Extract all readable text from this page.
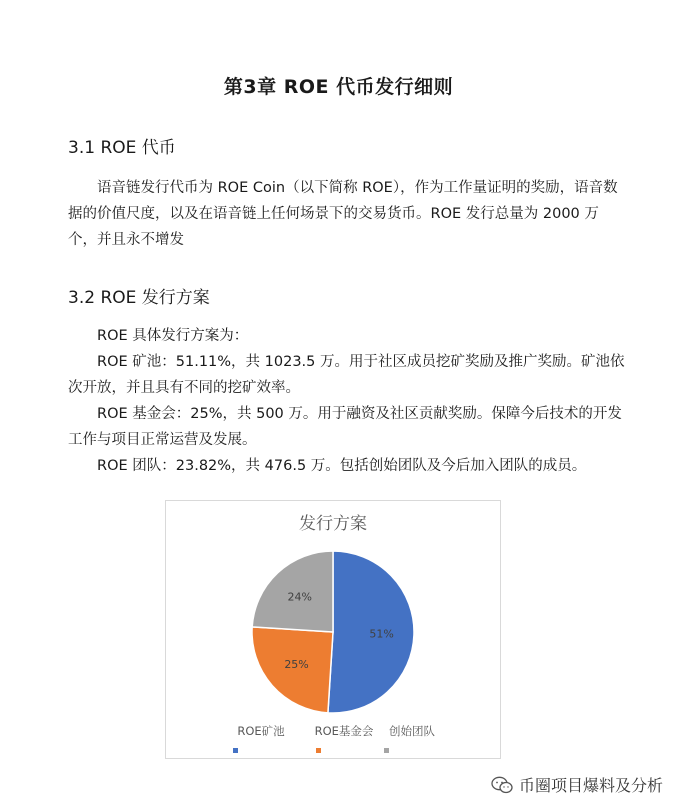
第3章 ROE 代币发行细则
3.1 ROE 代币

语音链发行代币为 ROE Coin（以下简称 ROE），作为工作量证明的奖励，语音数据的价值尺度，以及在语音链上任何场景下的交易货币。ROE 发行总量为 2000 万个，并且永不增发

3.2 ROE 发行方案

ROE 具体发行方案为：

ROE 矿池：51.11%，共 1023.5 万。用于社区成员挖矿奖励及推广奖励。矿池依次开放，并且具有不同的挖矿效率。

ROE 基金会：25%，共 500 万。用于融资及社区贡献奖励。保障今后技术的开发工作与项目正常运营及发展。

ROE 团队：23.82%，共 476.5 万。包括创始团队及今后加入团队的成员。

发行方案
51%
25%
24%
ROE矿池	ROE基金会 创始团队
币圈项目爆料及分析
